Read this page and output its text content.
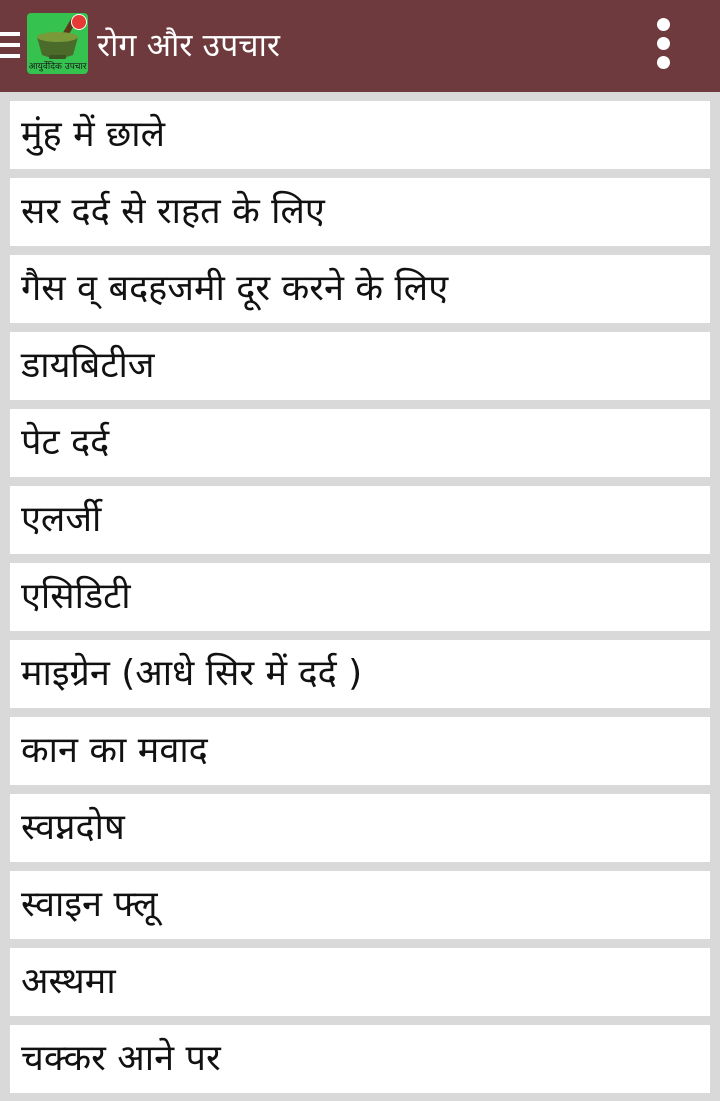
आयुर्वेदिक उपचार
रोग और उपचार
मुंह में छाले
सर दर्द से राहत के लिए
गैस व् बदहजमी दूर करने के लिए
डायबिटीज
पेट दर्द
एलर्जी
एसिडिटी
माइग्रेन (आधे सिर में दर्द )
कान का मवाद
स्वप्नदोष
स्वाइन फ्लू
अस्थमा
चक्कर आने पर
